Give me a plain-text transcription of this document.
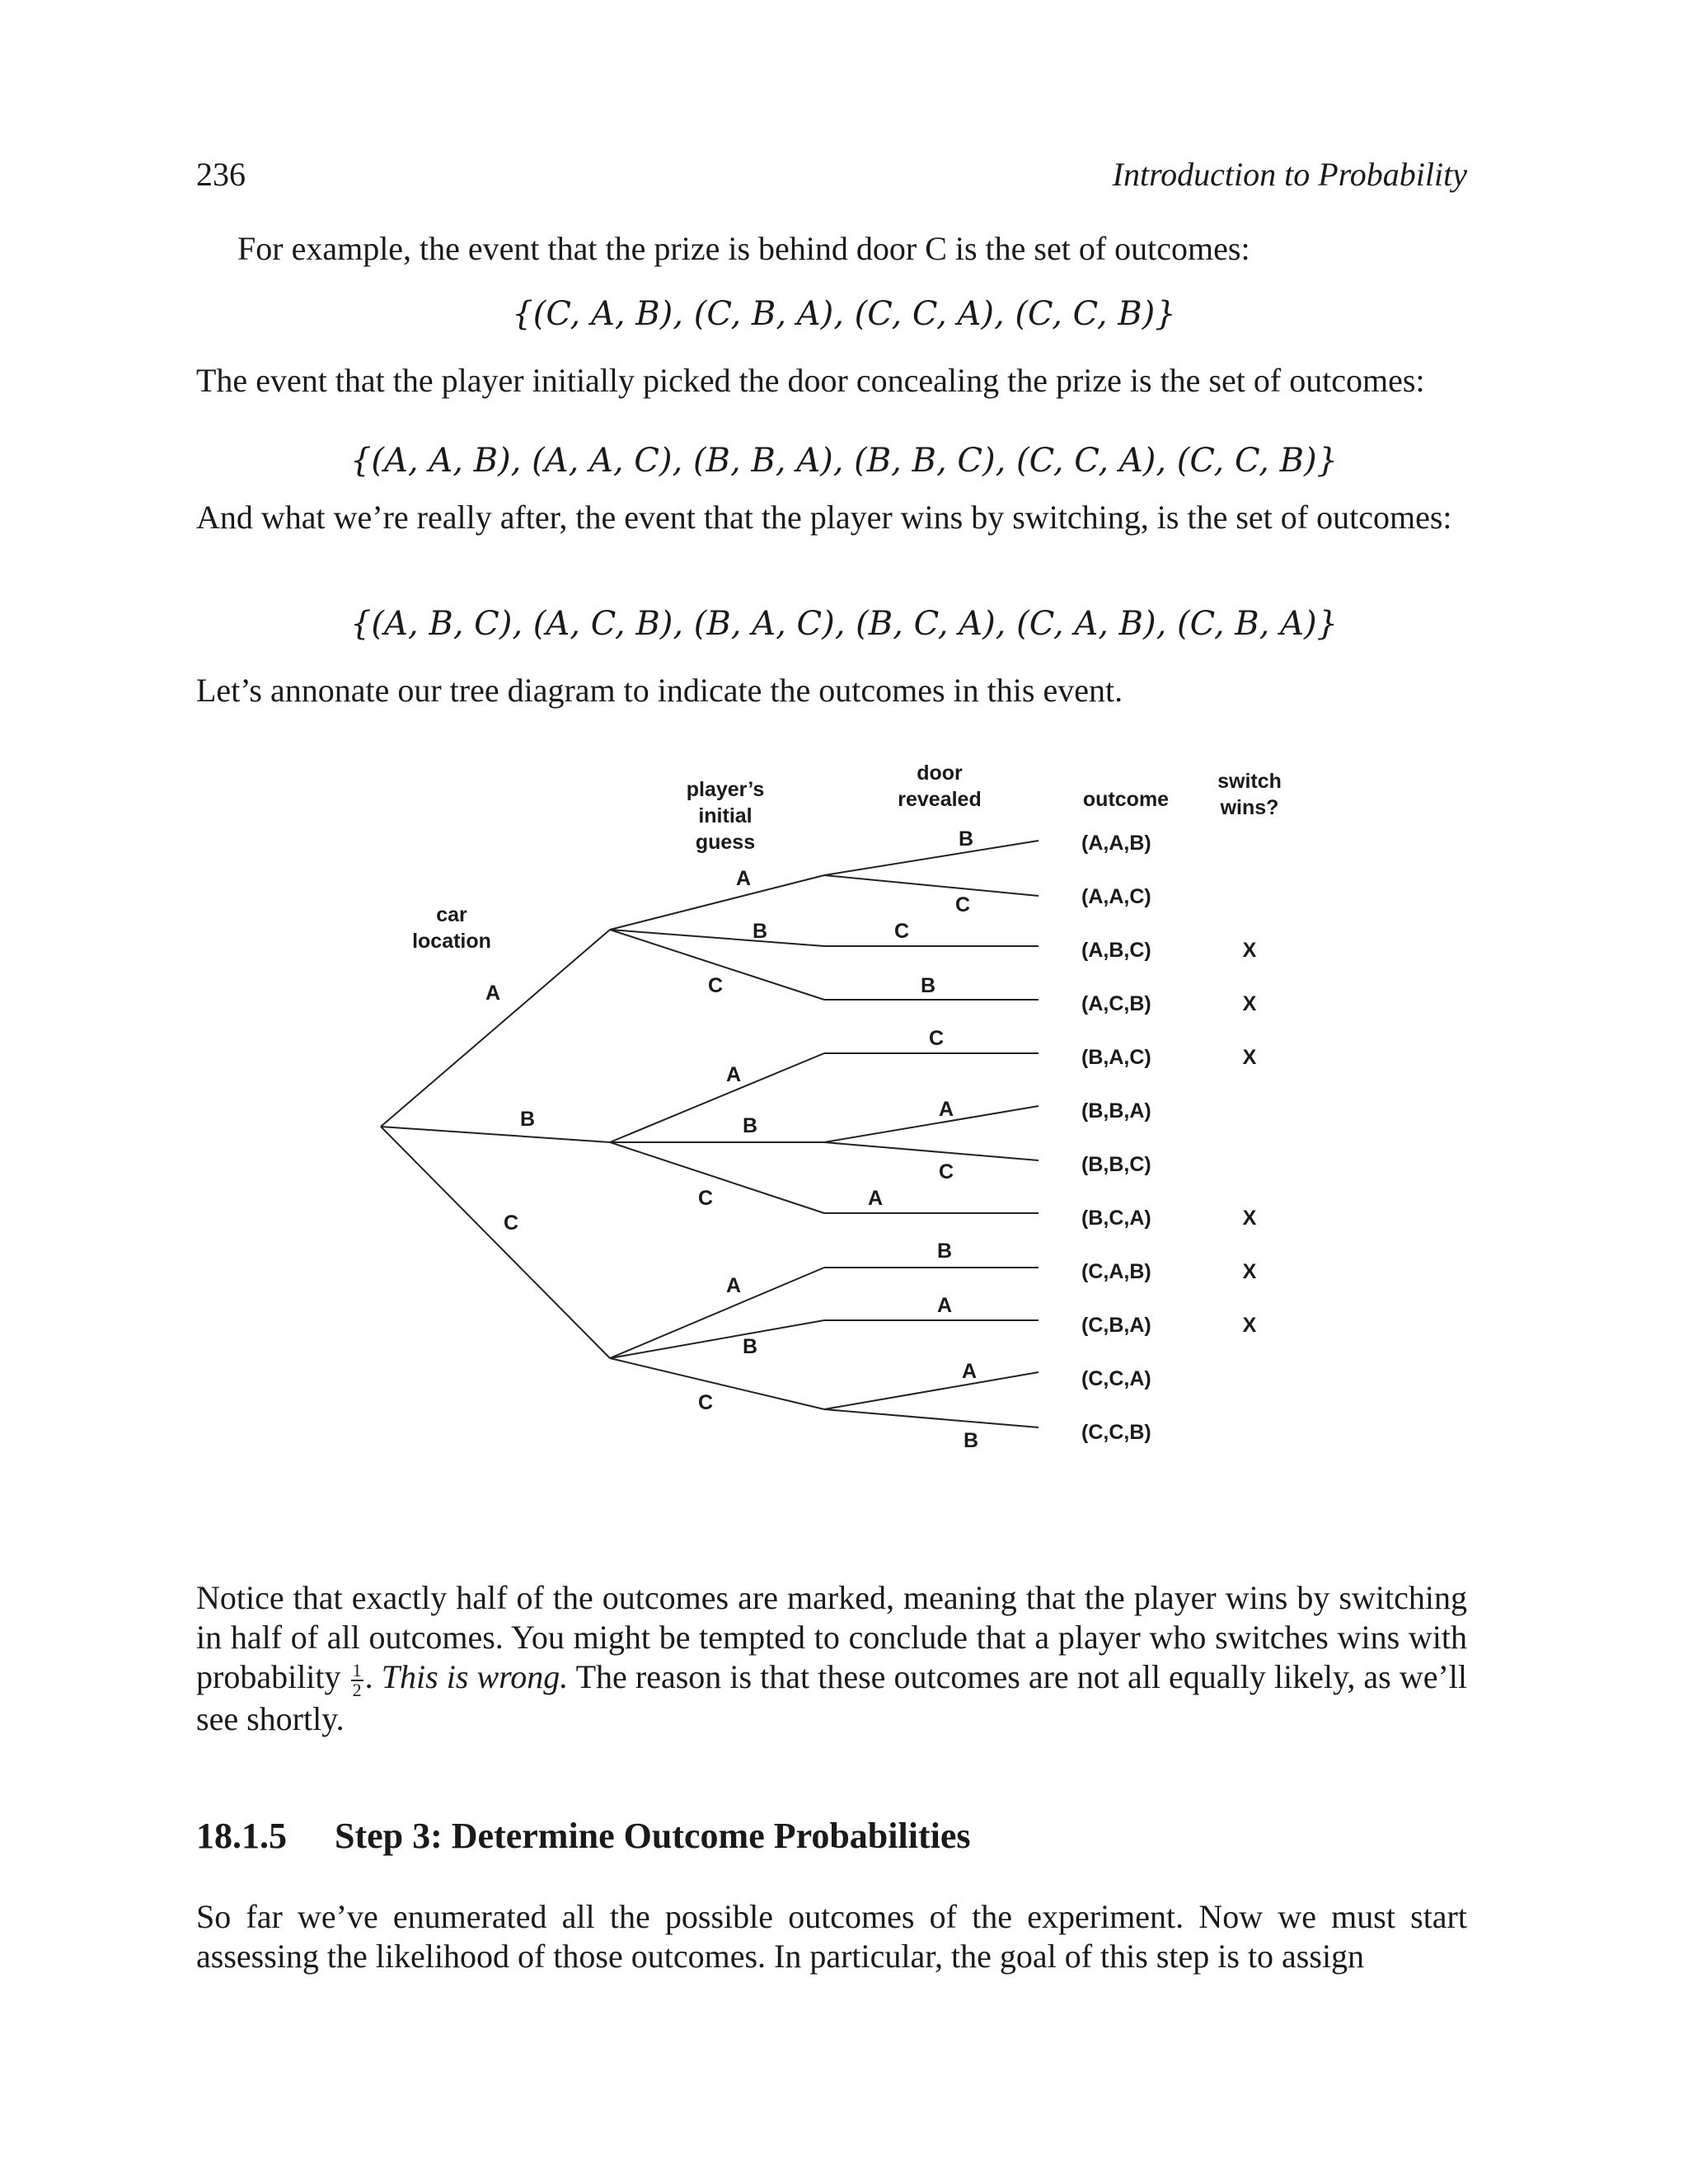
236	Introduction to Probability

For example, the event that the prize is behind door C is the set of outcomes:

{(C, A, B), (C, B, A), (C, C, A), (C, C, B)}

The event that the player initially picked the door concealing the prize is the set of outcomes:

{(A, A, B), (A, A, C), (B, B, A), (B, B, C), (C, C, A), (C, C, B)}

And what we’re really after, the event that the player wins by switching, is the set of outcomes:

{(A, B, C), (A, C, B), (B, A, C), (B, C, A), (C, A, B), (C, B, A)}

Let’s annonate our tree diagram to indicate the outcomes in this event.

car
location
player’s
initial
guess
door
revealed	outcome
switch
wins?
A
B
C
A
B
C
A
B
C
A
B
C
B
C
C
B
C
A
C
A
B
A
A
B
(A,A,B)
(A,A,C)
(A,B,C)
(A,C,B)
(B,A,C)
(B,B,A)
(B,B,C)
(B,C,A)
(C,A,B)
(C,B,A)
(C,C,A)
(C,C,B)
X
X
X
X
X
X

Notice that exactly half of the outcomes are marked, meaning that the player wins by switching in half of all outcomes. You might be tempted to conclude that a player who switches wins with probability $\frac{1}{2}$ . This is wrong. The reason is that these outcomes are not all equally likely, as we’ll see shortly.

18.1.5 Step 3: Determine Outcome Probabilities

So far we’ve enumerated all the possible outcomes of the experiment. Now we must start assessing the likelihood of those outcomes. In particular, the goal of this step is to assign
